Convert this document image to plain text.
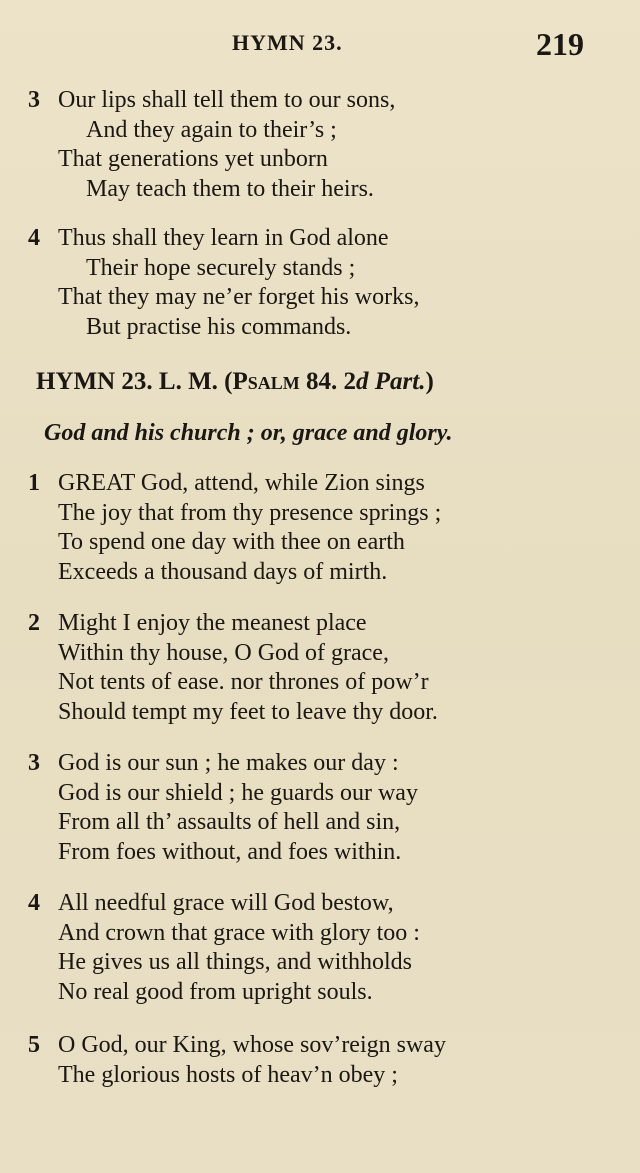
HYMN 23.	219
3 Our lips shall tell them to our sons,
And they again to their’s ;
That generations yet unborn
May teach them to their heirs.
4 Thus shall they learn in God alone
Their hope securely stands ;
That they may ne’er forget his works,
But practise his commands.
HYMN 23. L. M. (Psalm 84. 2d Part.)
God and his church ; or, grace and glory.
1 GREAT God, attend, while Zion sings
The joy that from thy presence springs ;
To spend one day with thee on earth
Exceeds a thousand days of mirth.
2 Might I enjoy the meanest place
Within thy house, O God of grace,
Not tents of ease. nor thrones of pow’r
Should tempt my feet to leave thy door.
3 God is our sun ; he makes our day :
God is our shield ; he guards our way
From all th’ assaults of hell and sin,
From foes without, and foes within.
4 All needful grace will God bestow,
And crown that grace with glory too :
He gives us all things, and withholds
No real good from upright souls.
5 O God, our King, whose sov’reign sway
The glorious hosts of heav’n obey ;
